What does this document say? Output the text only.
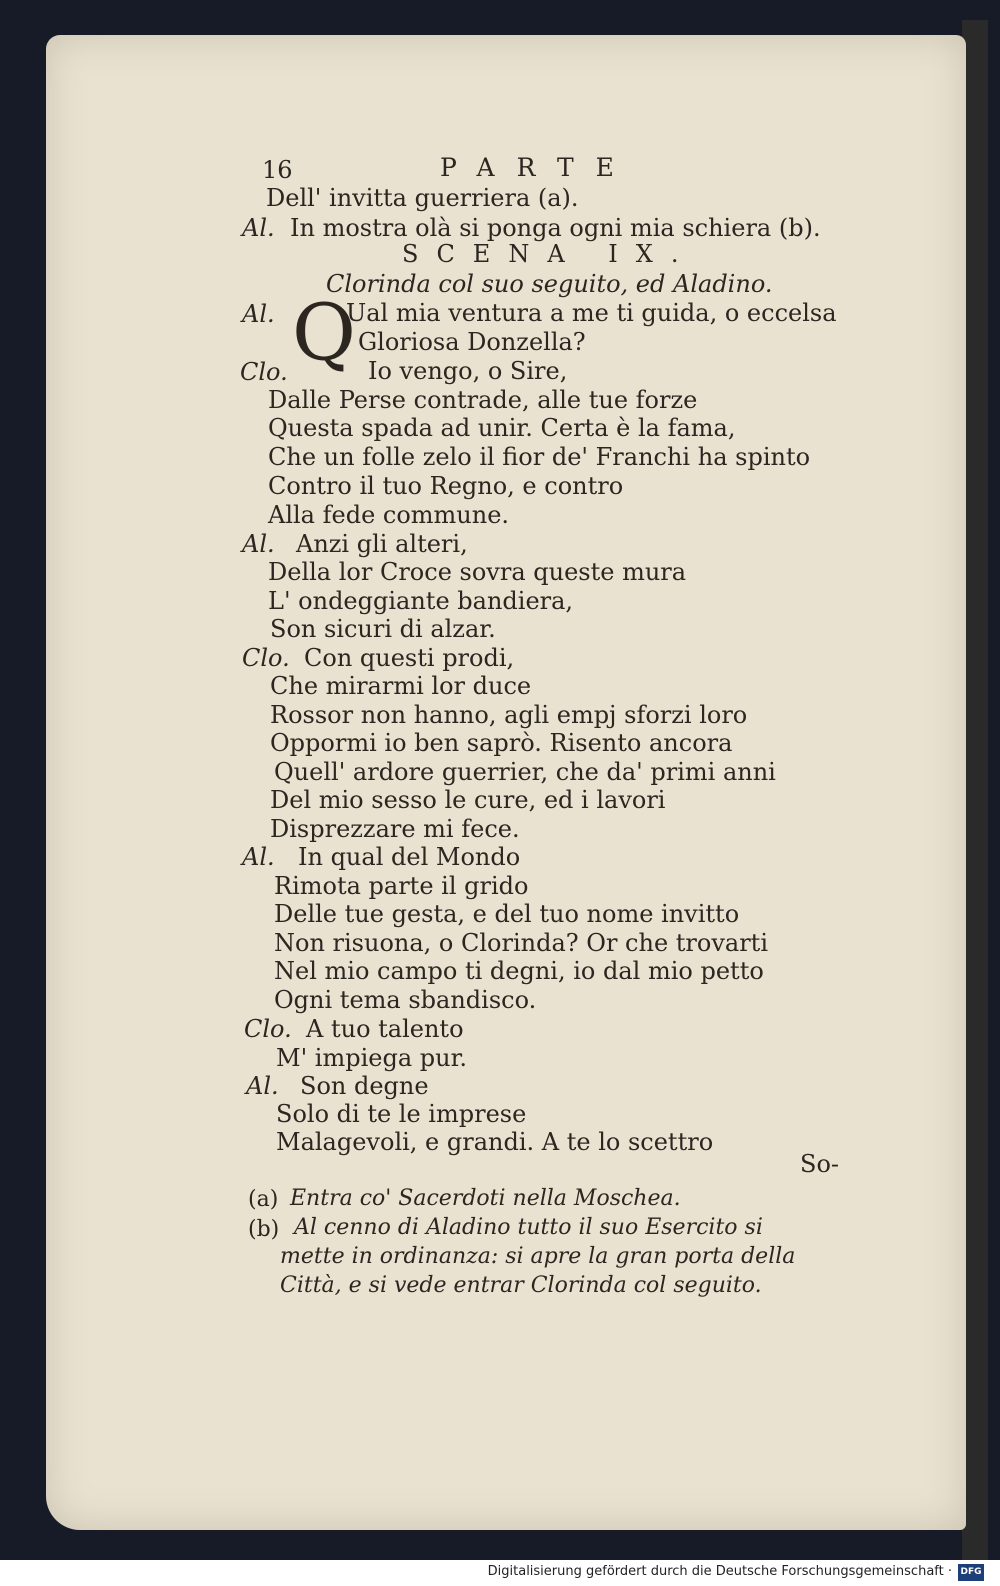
16	PARTE
Dell' invitta guerriera (a).
Al. In mostra olà si ponga ogni mia schiera (b).
SCENA IX.
Clorinda col suo seguito, ed Aladino.
Al. Q
Ual mia ventura a me ti guida, o eccelsa
Gloriosa Donzella?
Clo.	Io vengo, o Sire,
Dalle Perse contrade, alle tue forze
Questa spada ad unir. Certa è la fama,
Che un folle zelo il fior de' Franchi ha spinto
Contro il tuo Regno, e contro
Alla fede commune.
Al. Anzi gli alteri,
Della lor Croce sovra queste mura
L' ondeggiante bandiera,
Son sicuri di alzar.
Clo. Con questi prodi,
Che mirarmi lor duce
Rossor non hanno, agli empj sforzi loro
Oppormi io ben saprò. Risento ancora
Quell' ardore guerrier, che da' primi anni
Del mio sesso le cure, ed i lavori
Disprezzare mi fece.
Al. In qual del Mondo
Rimota parte il grido
Delle tue gesta, e del tuo nome invitto
Non risuona, o Clorinda? Or che trovarti
Nel mio campo ti degni, io dal mio petto
Ogni tema sbandisco.
Clo. A tuo talento
M' impiega pur.
Al. Son degne
Solo di te le imprese
Malagevoli, e grandi. A te lo scettro
So-
(a) Entra co' Sacerdoti nella Moschea.
(b) Al cenno di Aladino tutto il suo Esercito si
mette in ordinanza: si apre la gran porta della
Città, e si vede entrar Clorinda col seguito.
Digitalisierung gefördert durch die Deutsche Forschungsgemeinschaft · DFG
